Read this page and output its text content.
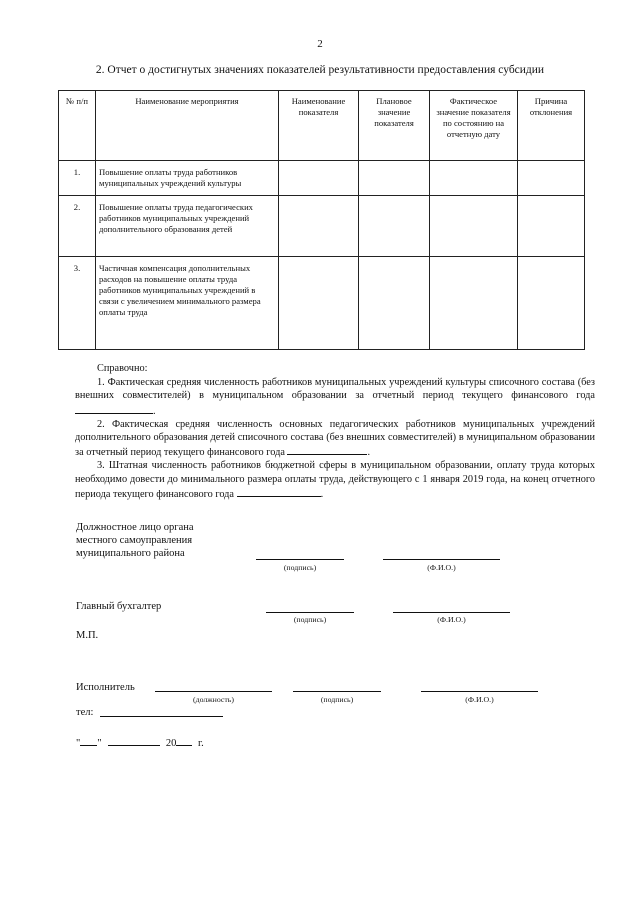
2
2. Отчет о достигнутых значениях показателей результативности предоставления субсидии
№ п/п	Наименование мероприятия	Наименование показателя	Плановое значение показателя	Фактическое значение показателя по состоянию на отчетную дату	Причина отклонения
1.	Повышение оплаты труда работников муниципальных учреждений культуры				
2.	Повышение оплаты труда педагогических работников муниципальных учреждений дополнительного образования детей				
3.	Частичная компенсация дополнительных расходов на повышение оплаты труда работников муниципальных учреждений в связи с увеличением минимального размера оплаты труда				

Справочно:

1. Фактическая средняя численность работников муниципальных учреждений культуры списочного состава (без внешних совместителей) в муниципальном образовании за отчетный период текущего финансового года .

2. Фактическая средняя численность основных педагогических работников муниципальных учреждений дополнительного образования детей списочного состава (без внешних совместителей) в муниципальном образовании за отчетный период текущего финансового года	.

3. Штатная численность работников бюджетной сферы в муниципальном образовании, оплату труда которых необходимо довести до минимального размера оплаты труда, действующего с 1 января 2019 года, на конец отчетного периода текущего финансового года	.

Должностное лицо органа
местного самоуправления
муниципального района
(подпись)	(Ф.И.О.)
Главный бухгалтер
(подпись)	(Ф.И.О.)
М.П.
Исполнитель
(должность)	(подпись)	(Ф.И.О.)
тел:
" "	20 г.
